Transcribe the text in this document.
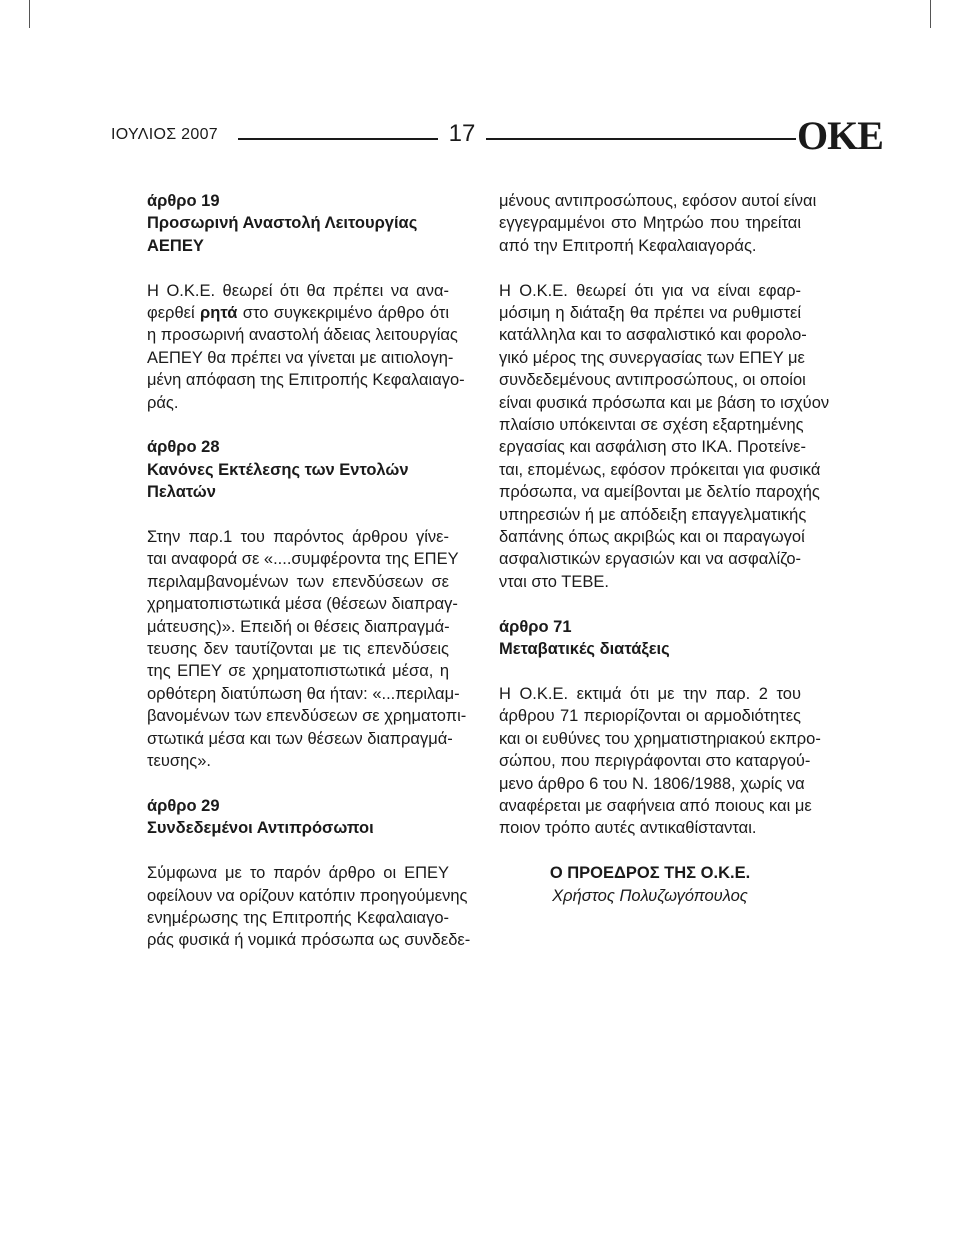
ΙΟΥΛΙΟΣ 2007	17	ΟΚΕ

άρθρο 19

Προσωρινή Αναστολή Λειτουργίας

ΑΕΠΕΥ

Η Ο.Κ.Ε. θεωρεί ότι θα πρέπει να ανα-

φερθεί ρητά στο συγκεκριμένο άρθρο ότι

η προσωρινή αναστολή άδειας λειτουργίας

ΑΕΠΕΥ θα πρέπει να γίνεται με αιτιολογη-

μένη απόφαση της Επιτροπής Κεφαλαιαγο-

ράς.

άρθρο 28

Κανόνες Εκτέλεσης των Εντολών

Πελατών

Στην παρ.1 του παρόντος άρθρου γίνε-

ται αναφορά σε «....συμφέροντα της ΕΠΕΥ

περιλαμβανομένων των επενδύσεων σε

χρηματοπιστωτικά μέσα (θέσεων διαπραγ-

μάτευσης)». Επειδή οι θέσεις διαπραγμά-

τευσης δεν ταυτίζονται με τις επενδύσεις

της ΕΠΕΥ σε χρηματοπιστωτικά μέσα, η

ορθότερη διατύπωση θα ήταν: «...περιλαμ-

βανομένων των επενδύσεων σε χρηματοπι-

στωτικά μέσα και των θέσεων διαπραγμά-

τευσης».

άρθρο 29

Συνδεδεμένοι Αντιπρόσωποι

Σύμφωνα με το παρόν άρθρο οι ΕΠΕΥ

οφείλουν να ορίζουν κατόπιν προηγούμενης

ενημέρωσης της Επιτροπής Κεφαλαιαγο-

ράς φυσικά ή νομικά πρόσωπα ως συνδεδε-

μένους αντιπροσώπους, εφόσον αυτοί είναι

εγγεγραμμένοι στο Μητρώο που τηρείται

από την Επιτροπή Κεφαλαιαγοράς.

Η Ο.Κ.Ε. θεωρεί ότι για να είναι εφαρ-

μόσιμη η διάταξη θα πρέπει να ρυθμιστεί

κατάλληλα και το ασφαλιστικό και φορολο-

γικό μέρος της συνεργασίας των ΕΠΕΥ με

συνδεδεμένους αντιπροσώπους, οι οποίοι

είναι φυσικά πρόσωπα και με βάση το ισχύον

πλαίσιο υπόκεινται σε σχέση εξαρτημένης

εργασίας και ασφάλιση στο ΙΚΑ. Προτείνε-

ται, επομένως, εφόσον πρόκειται για φυσικά

πρόσωπα, να αμείβονται με δελτίο παροχής

υπηρεσιών ή με απόδειξη επαγγελματικής

δαπάνης όπως ακριβώς και οι παραγωγοί

ασφαλιστικών εργασιών και να ασφαλίζο-

νται στο ΤΕΒΕ.

άρθρο 71

Μεταβατικές διατάξεις

Η Ο.Κ.Ε. εκτιμά ότι με την παρ. 2 του

άρθρου 71 περιορίζονται οι αρμοδιότητες

και οι ευθύνες του χρηματιστηριακού εκπρο-

σώπου, που περιγράφονται στο καταργού-

μενο άρθρο 6 του Ν. 1806/1988, χωρίς να

αναφέρεται με σαφήνεια από ποιους και με

ποιον τρόπο αυτές αντικαθίστανται.

Ο ΠΡΟΕΔΡΟΣ ΤΗΣ Ο.Κ.Ε.

Χρήστος Πολυζωγόπουλος
